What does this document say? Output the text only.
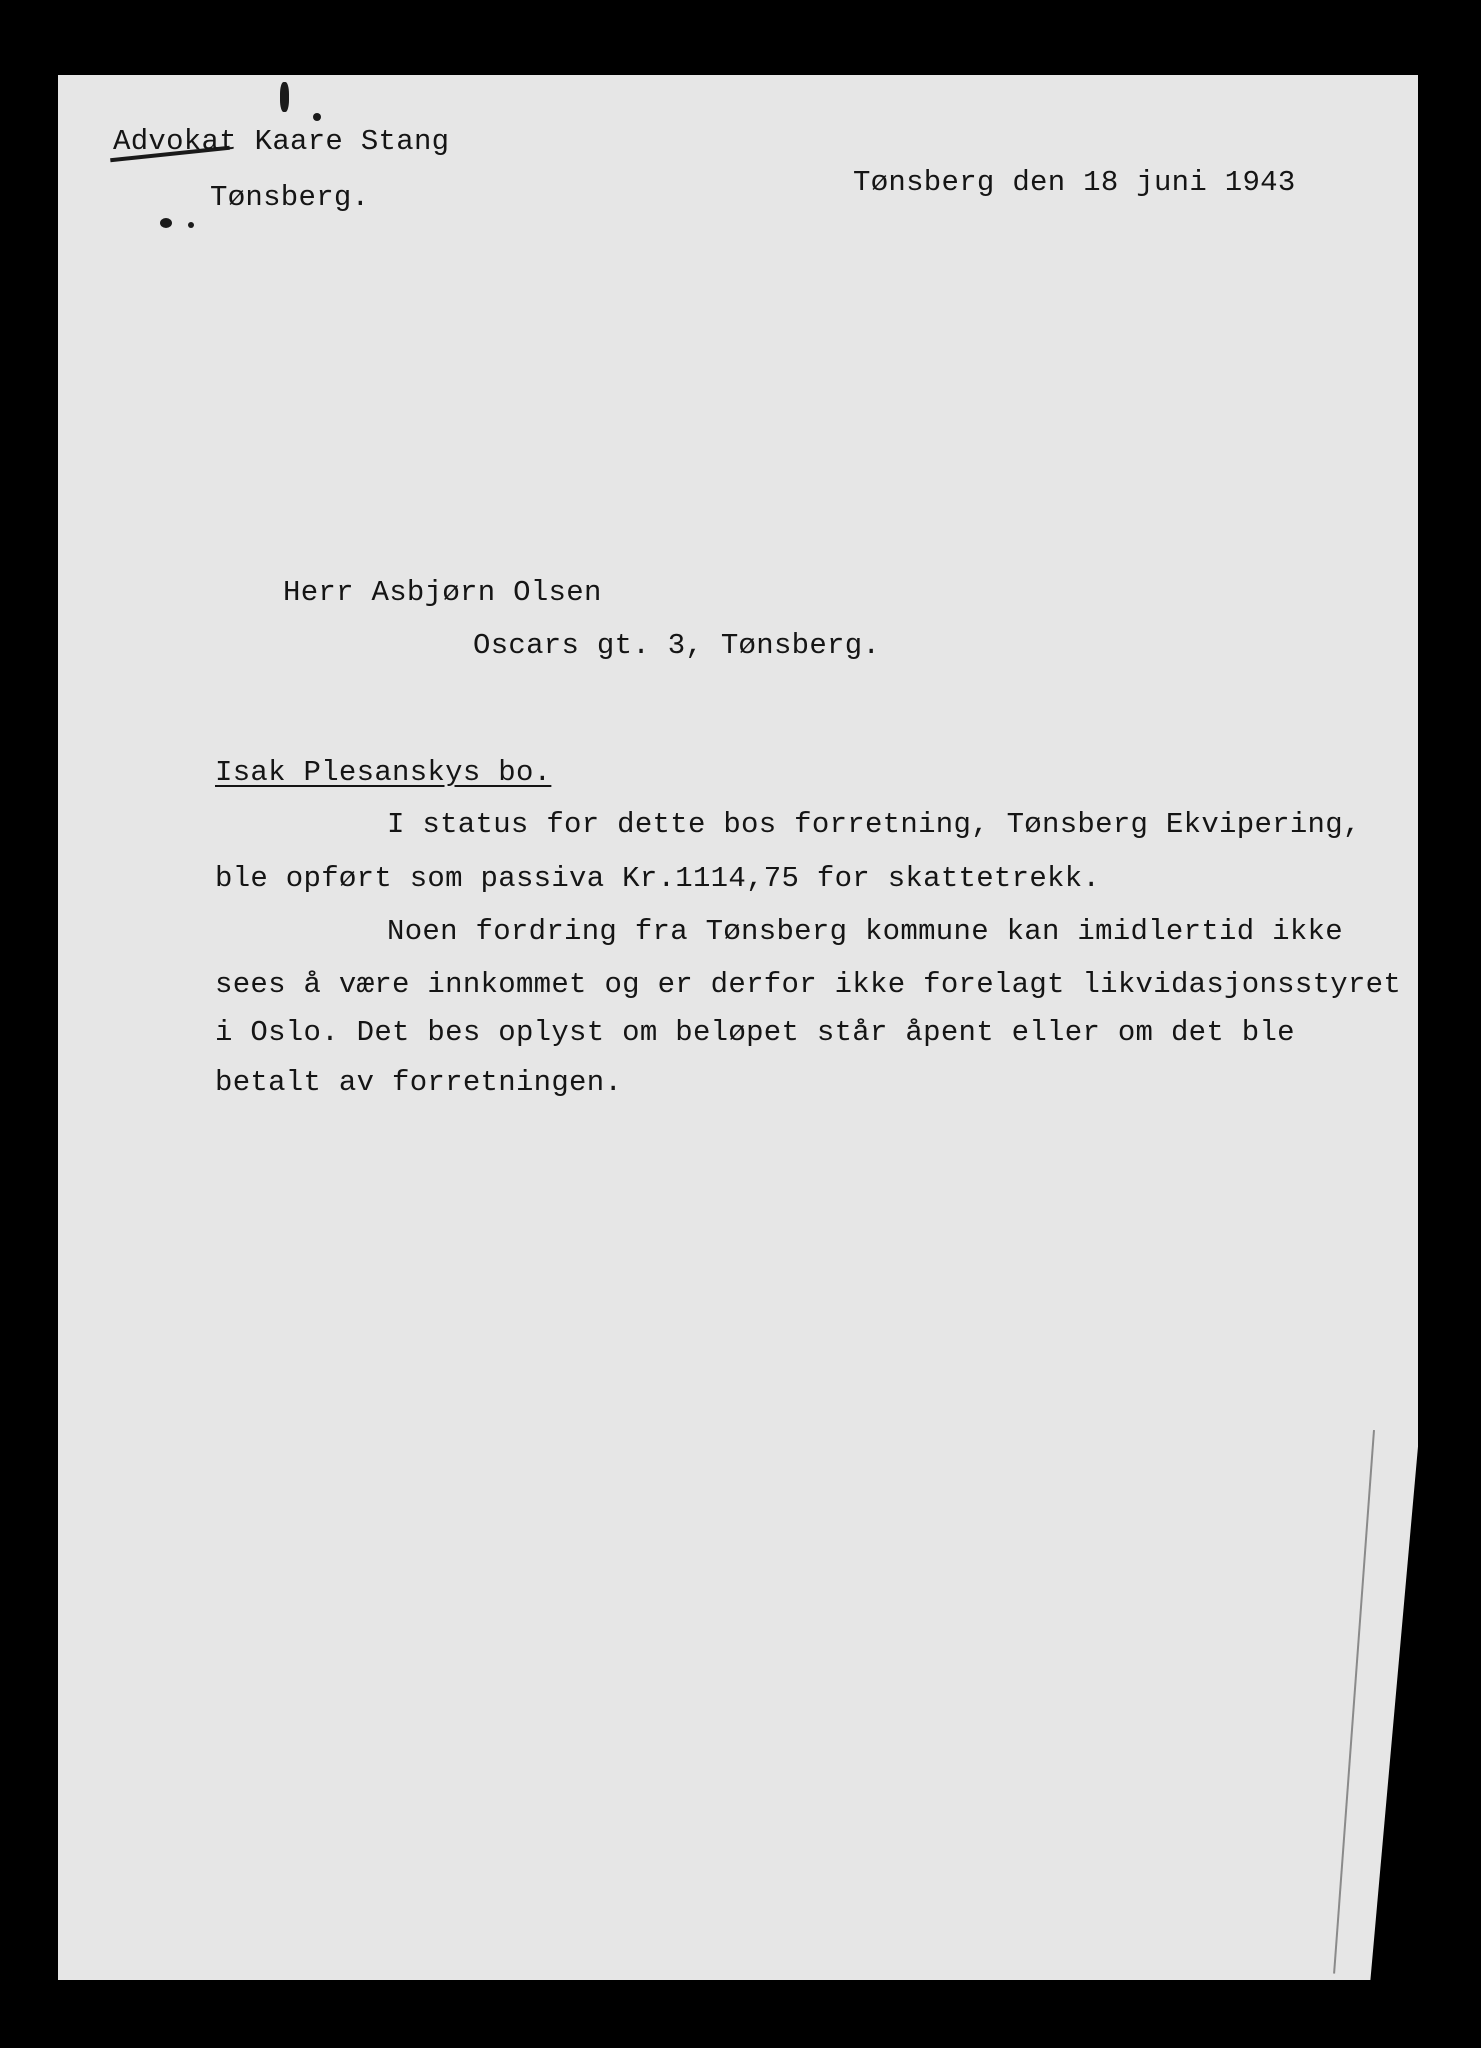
Advokat Kaare Stang
Tønsberg.	Tønsberg den 18 juni 1943
Herr Asbjørn Olsen
Oscars gt. 3, Tønsberg.
Isak Plesanskys bo.
I status for dette bos forretning, Tønsberg Ekvipering,
ble opført som passiva Kr.1114,75 for skattetrekk.
Noen fordring fra Tønsberg kommune kan imidlertid ikke
sees å være innkommet og er derfor ikke forelagt likvidasjonsstyret
i Oslo. Det bes oplyst om beløpet står åpent eller om det ble
betalt av forretningen.
